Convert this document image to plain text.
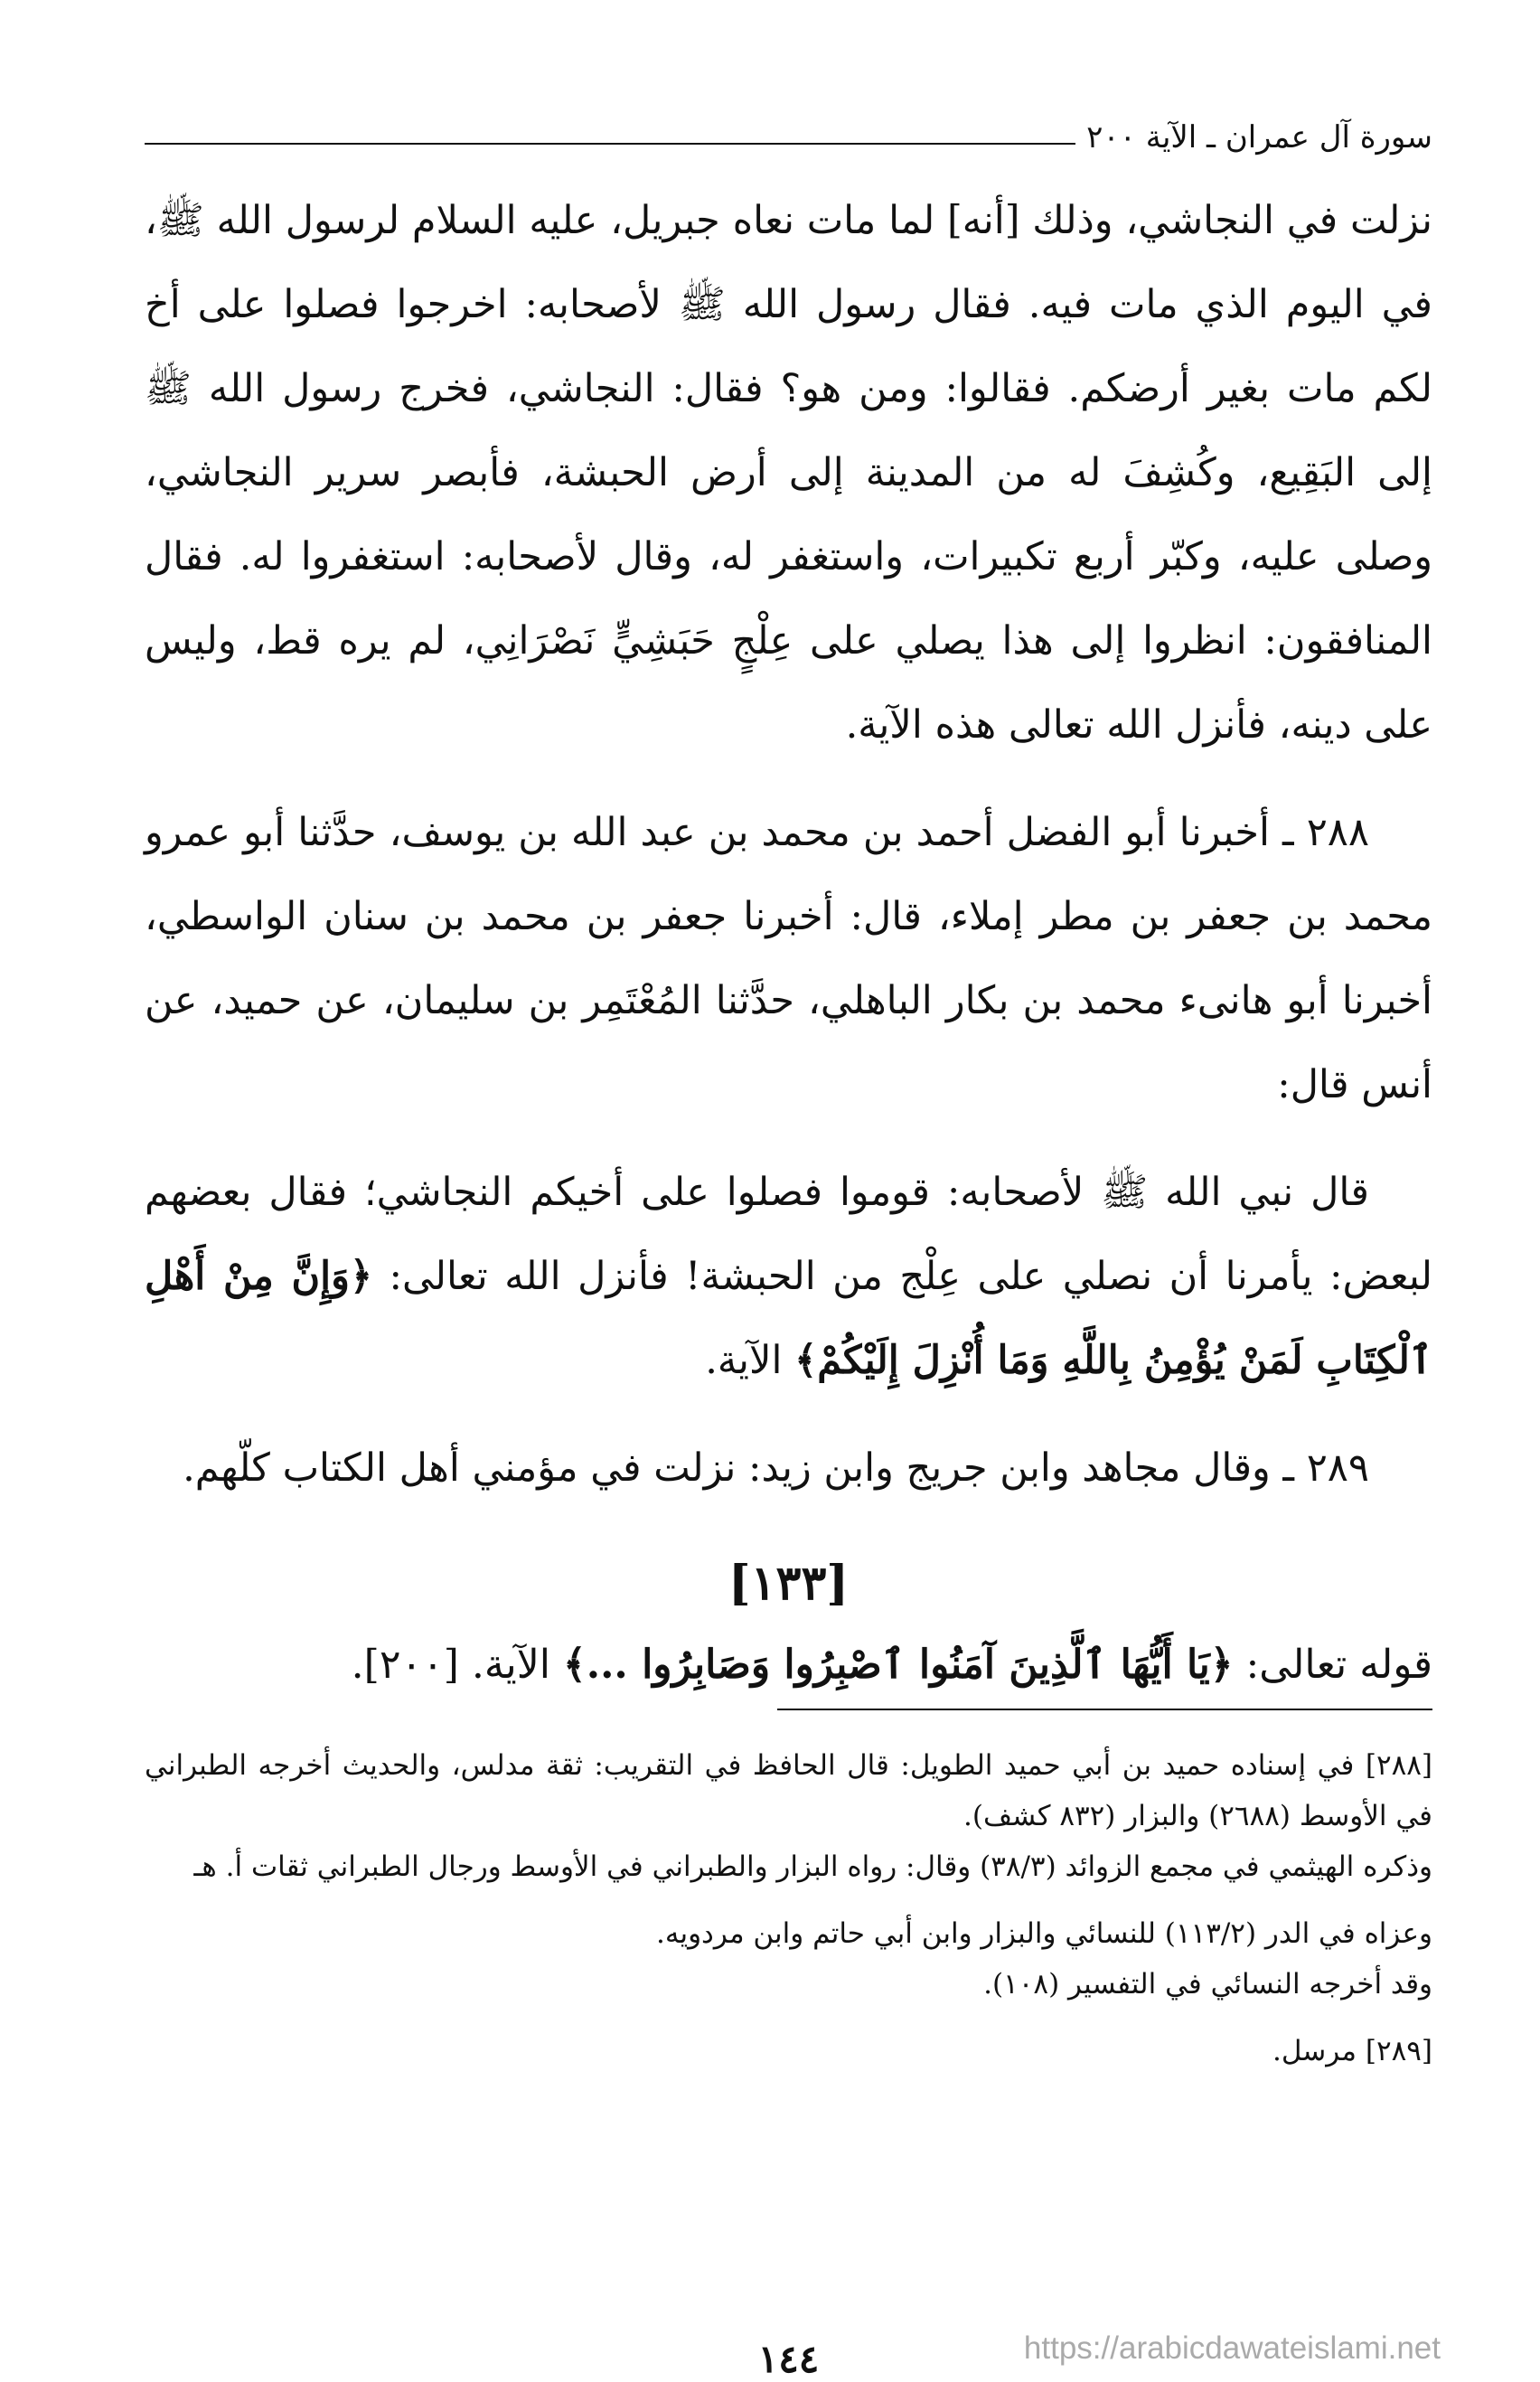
سورة آل عمران ـ الآية ٢٠٠

نزلت في النجاشي، وذلك [أنه] لما مات نعاه جبريل، عليه السلام لرسول الله ﷺ، في اليوم الذي مات فيه. فقال رسول الله ﷺ لأصحابه: اخرجوا فصلوا على أخ لكم مات بغير أرضكم. فقالوا: ومن هو؟ فقال: النجاشي، فخرج رسول الله ﷺ إلى البَقِيع، وكُشِفَ له من المدينة إلى أرض الحبشة، فأبصر سرير النجاشي، وصلى عليه، وكبّر أربع تكبيرات، واستغفر له، وقال لأصحابه: استغفروا له. فقال المنافقون: انظروا إلى هذا يصلي على عِلْجٍ حَبَشِيٍّ نَصْرَانِي، لم يره قط، وليس على دينه، فأنزل الله تعالى هذه الآية.

٢٨٨ ـ أخبرنا أبو الفضل أحمد بن محمد بن عبد الله بن يوسف، حدَّثنا أبو عمرو محمد بن جعفر بن مطر إملاء، قال: أخبرنا جعفر بن محمد بن سنان الواسطي، أخبرنا أبو هانىء محمد بن بكار الباهلي، حدَّثنا المُعْتَمِر بن سليمان، عن حميد، عن أنس قال:

قال نبي الله ﷺ لأصحابه: قوموا فصلوا على أخيكم النجاشي؛ فقال بعضهم لبعض: يأمرنا أن نصلي على عِلْج من الحبشة! فأنزل الله تعالى: ﴿وَإِنَّ مِنْ أَهْلِ ٱلْكِتَابِ لَمَنْ يُؤْمِنُ بِاللَّهِ وَمَا أُنْزِلَ إِلَيْكُمْ﴾ الآية.

٢٨٩ ـ وقال مجاهد وابن جريج وابن زيد: نزلت في مؤمني أهل الكتاب كلّهم.

[١٣٣]

قوله تعالى: ﴿يَا أَيُّهَا ٱلَّذِينَ آمَنُوا ٱصْبِرُوا وَصَابِرُوا ...﴾ الآية. [٢٠٠].

[٢٨٨] في إسناده حميد بن أبي حميد الطويل: قال الحافظ في التقريب: ثقة مدلس، والحديث أخرجه الطبراني في الأوسط (٢٦٨٨) والبزار (٨٣٢ كشف).

وذكره الهيثمي في مجمع الزوائد (٣٨/٣) وقال: رواه البزار والطبراني في الأوسط ورجال الطبراني ثقات أ. هـ

وعزاه في الدر (١١٣/٢) للنسائي والبزار وابن أبي حاتم وابن مردويه.

وقد أخرجه النسائي في التفسير (١٠٨).

[٢٨٩] مرسل.

١٤٤	https://arabicdawateislami.net
